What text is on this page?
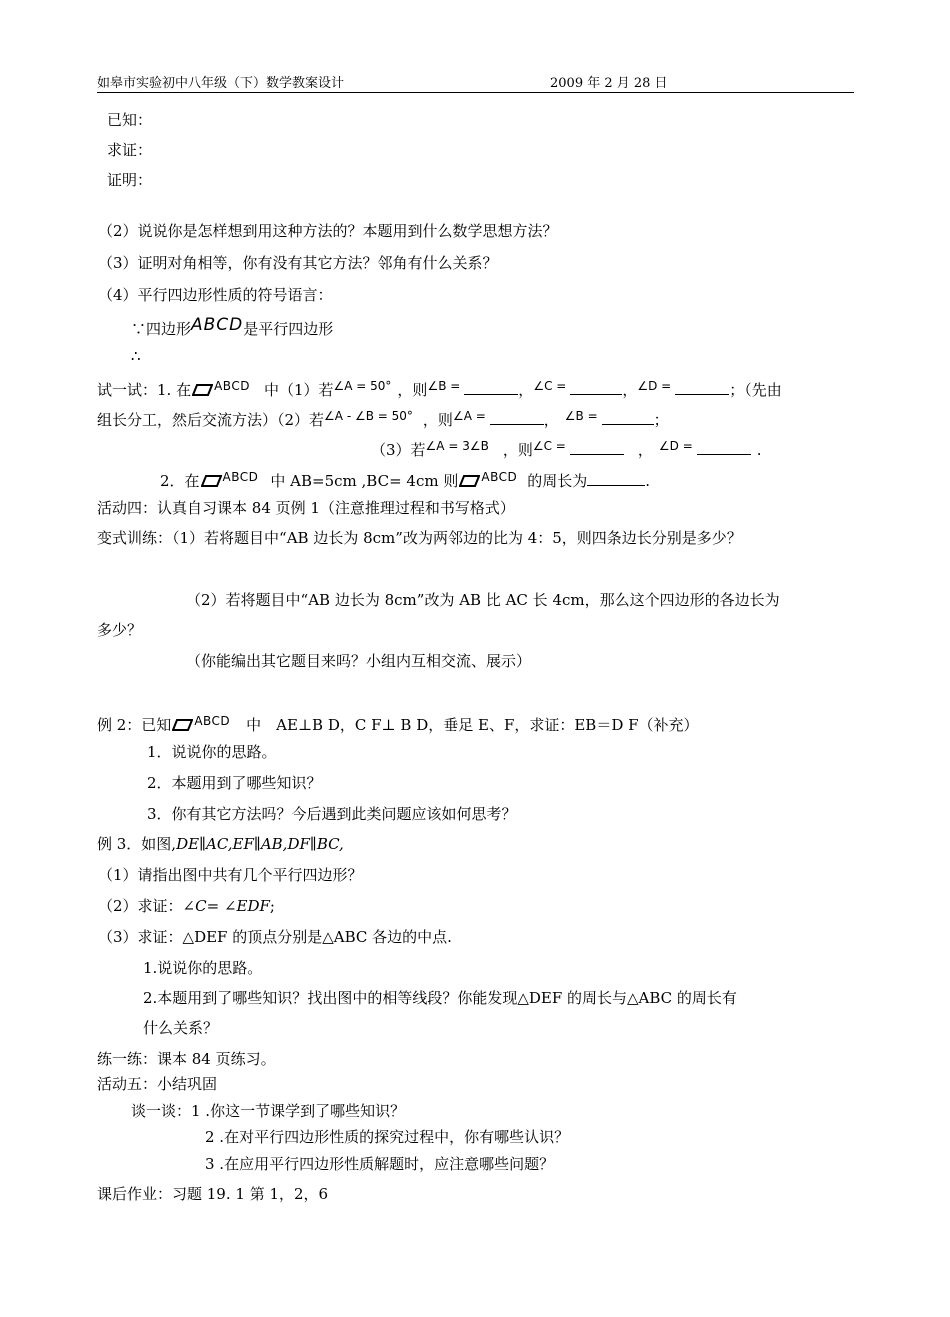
如皋市实验初中八年级（下）数学教案设计	2009 年 2 月 28 日
已知：
求证：
证明：
（2）说说你是怎样想到用这种方法的？本题用到什么数学思想方法？
（3）证明对角相等，你有没有其它方法？邻角有什么关系？
（4）平行四边形性质的符号语言：
∵四边形ABCD是平行四边形
∴
试一试：1. 在 $^{ABCD}$ 中（1）若$^{\angle A = 50^\circ}$ ，则$^{\angle B =}$	，$^{\angle C =}$	，$^{\angle D =}$	；（先由
组长分工，然后交流方法）（2）若$^{\angle A - \angle B = 50^\circ}$ ，则$^{\angle A =}$	， $^{\angle B =}$	；
（3）若$^{\angle A = 3\angle B}$ ，则$^{\angle C =}$	， $^{\angle D =}$	.
2．在 $^{ABCD}$ 中 AB=5cm ,BC= 4cm 则 $^{ABCD}$ 的周长为	.
活动四：认真自习课本 84 页例 1（注意推理过程和书写格式）
变式训练：（1）若将题目中“AB 边长为 8cm”改为两邻边的比为 4：5，则四条边长分别是多少？
（2）若将题目中“AB 边长为 8cm”改为 AB 比 AC 长 4cm，那么这个四边形的各边长为
多少？
（你能编出其它题目来吗？小组内互相交流、展示）
例 2：已知 $^{ABCD}$ 中　AE⊥B D，C F⊥ B D，垂足 E、F，求证：EB＝D F（补充）
1．说说你的思路。
2．本题用到了哪些知识？
3．你有其它方法吗？今后遇到此类问题应该如何思考？
例 3．如图,DE∥AC,EF∥AB,DF∥BC,
（1）请指出图中共有几个平行四边形？
（2）求证：∠C= ∠EDF;
（3）求证：△DEF 的顶点分别是△ABC 各边的中点.
1.说说你的思路。
2.本题用到了哪些知识？找出图中的相等线段？你能发现△DEF 的周长与△ABC 的周长有
什么关系？
练一练：课本 84 页练习。
活动五：小结巩固
谈一谈：1 .你这一节课学到了哪些知识？
2 .在对平行四边形性质的探究过程中，你有哪些认识？
3 .在应用平行四边形性质解题时，应注意哪些问题？
课后作业：习题 19. 1 第 1，2，6
